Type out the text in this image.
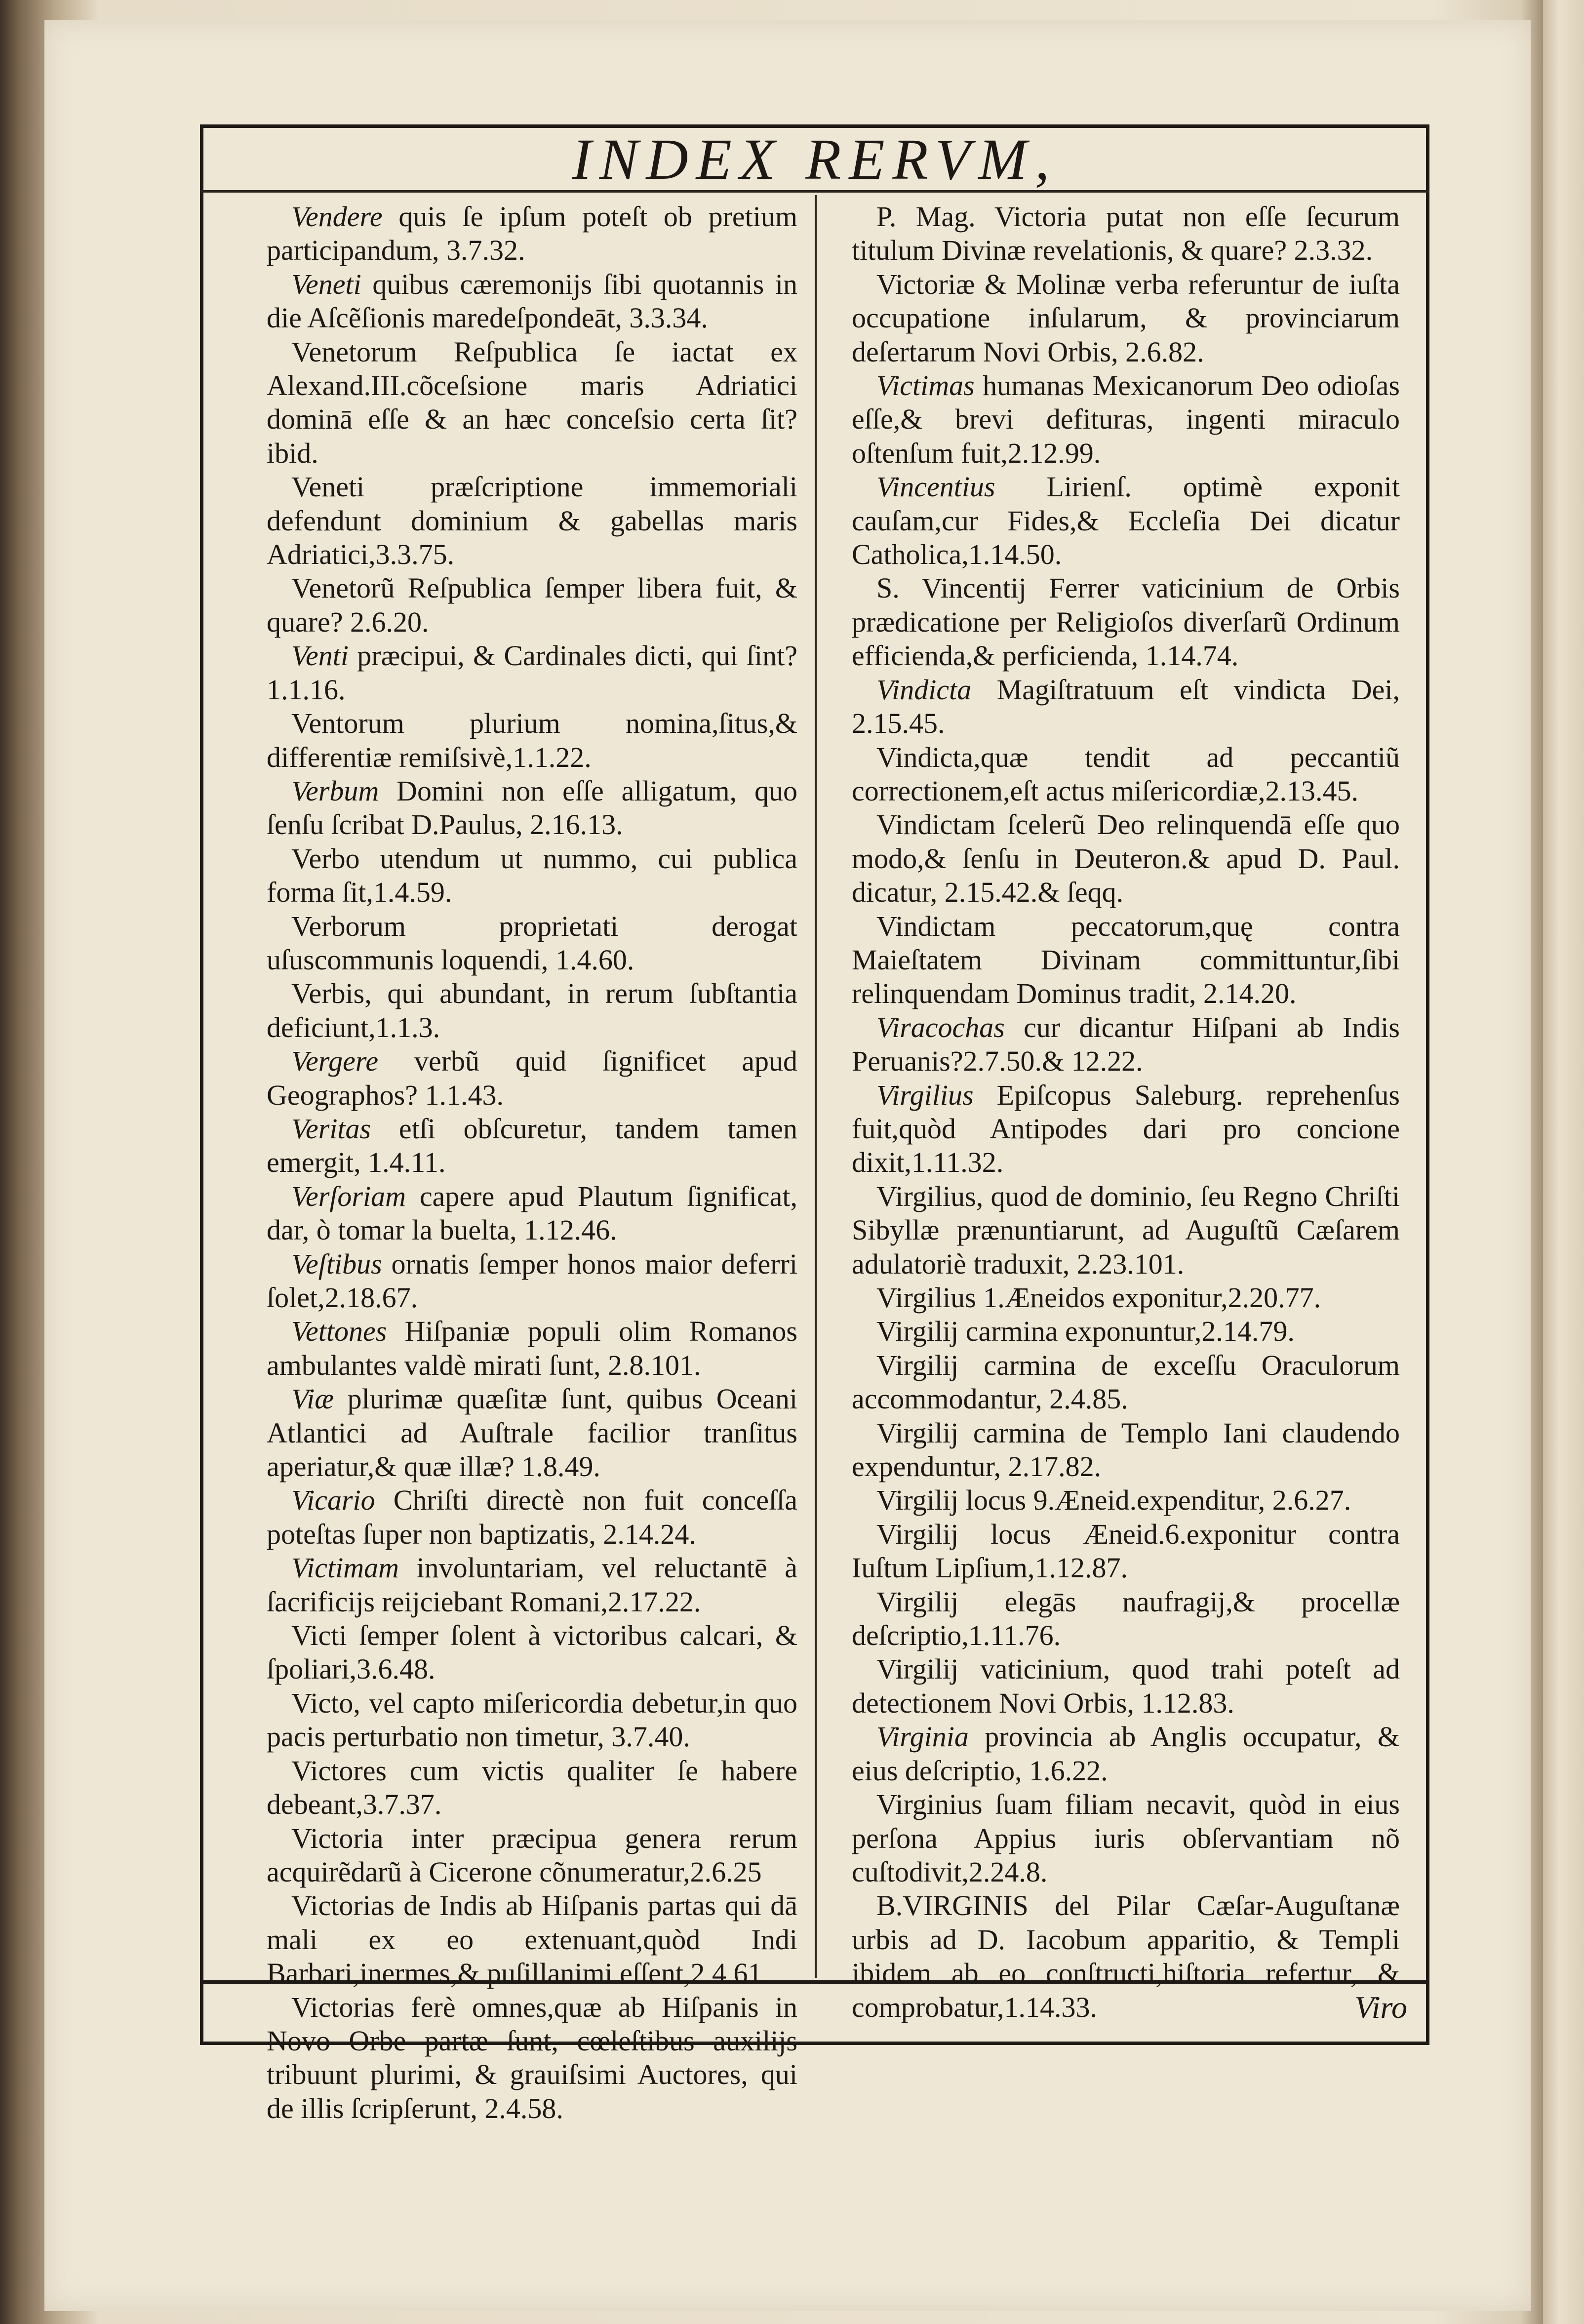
INDEX RERVM,

Vendere quis ſe ipſum poteſt ob pretium participandum, 3.7.32.

Veneti quibus cæremonijs ſibi quotannis in die Aſcẽſionis maredeſpondeāt, 3.3.34.

Venetorum Reſpublica ſe iactat ex Alexand.III.cõceſsione maris Adriatici dominā eſſe & an hæc conceſsio certa ſit? ibid.

Veneti præſcriptione immemoriali defendunt dominium & gabellas maris Adriatici,3.3.75.

Venetorũ Reſpublica ſemper libera fuit, & quare? 2.6.20.

Venti præcipui, & Cardinales dicti, qui ſint? 1.1.16.

Ventorum plurium nomina,ſitus,& differentiæ remiſsivè,1.1.22.

Verbum Domini non eſſe alligatum, quo ſenſu ſcribat D.Paulus, 2.16.13.

Verbo utendum ut nummo, cui publica forma ſit,1.4.59.

Verborum proprietati derogat uſuscommunis loquendi, 1.4.60.

Verbis, qui abundant, in rerum ſubſtantia deficiunt,1.1.3.

Vergere verbũ quid ſignificet apud Geographos? 1.1.43.

Veritas etſi obſcuretur, tandem tamen emergit, 1.4.11.

Verſoriam capere apud Plautum ſignificat, dar, ò tomar la buelta, 1.12.46.

Veſtibus ornatis ſemper honos maior deferri ſolet,2.18.67.

Vettones Hiſpaniæ populi olim Romanos ambulantes valdè mirati ſunt, 2.8.101.

Viæ plurimæ quæſitæ ſunt, quibus Oceani Atlantici ad Auſtrale facilior tranſitus aperiatur,& quæ illæ? 1.8.49.

Vicario Chriſti directè non fuit conceſſa poteſtas ſuper non baptizatis, 2.14.24.

Victimam involuntariam, vel reluctantē à ſacrificijs reijciebant Romani,2.17.22.

Victi ſemper ſolent à victoribus calcari, & ſpoliari,3.6.48.

Victo, vel capto miſericordia debetur,in quo pacis perturbatio non timetur, 3.7.40.

Victores cum victis qualiter ſe habere debeant,3.7.37.

Victoria inter præcipua genera rerum acquirẽdarũ à Cicerone cõnumeratur,2.6.25

Victorias de Indis ab Hiſpanis partas qui dā mali ex eo extenuant,quòd Indi Barbari,inermes,& puſillanimi eſſent,2.4.61.

Victorias ferè omnes,quæ ab Hiſpanis in Novo Orbe partæ ſunt, cœleſtibus auxilijs tribuunt plurimi, & grauiſsimi Auctores, qui de illis ſcripſerunt, 2.4.58.

P. Mag. Victoria putat non eſſe ſecurum titulum Divinæ revelationis, & quare? 2.3.32.

Victoriæ & Molinæ verba referuntur de iuſta occupatione inſularum, & provinciarum deſertarum Novi Orbis, 2.6.82.

Victimas humanas Mexicanorum Deo odioſas eſſe,& brevi defituras, ingenti miraculo oſtenſum fuit,2.12.99.

Vincentius Lirienſ. optimè exponit cauſam,cur Fides,& Eccleſia Dei dicatur Catholica,1.14.50.

S. Vincentij Ferrer vaticinium de Orbis prædicatione per Religioſos diverſarũ Ordinum efficienda,& perficienda, 1.14.74.

Vindicta Magiſtratuum eſt vindicta Dei, 2.15.45.

Vindicta,quæ tendit ad peccantiũ correctionem,eſt actus miſericordiæ,2.13.45.

Vindictam ſcelerũ Deo relinquendā eſſe quo modo,& ſenſu in Deuteron.& apud D. Paul. dicatur, 2.15.42.& ſeqq.

Vindictam peccatorum,quę contra Maieſtatem Divinam committuntur,ſibi relinquendam Dominus tradit, 2.14.20.

Viracochas cur dicantur Hiſpani ab Indis Peruanis?2.7.50.& 12.22.

Virgilius Epiſcopus Saleburg. reprehenſus fuit,quòd Antipodes dari pro concione dixit,1.11.32.

Virgilius, quod de dominio, ſeu Regno Chriſti Sibyllæ prænuntiarunt, ad Auguſtũ Cæſarem adulatoriè traduxit, 2.23.101.

Virgilius 1.Æneidos exponitur,2.20.77.

Virgilij carmina exponuntur,2.14.79.

Virgilij carmina de exceſſu Oraculorum accommodantur, 2.4.85.

Virgilij carmina de Templo Iani claudendo expenduntur, 2.17.82.

Virgilij locus 9.Æneid.expenditur, 2.6.27.

Virgilij locus Æneid.6.exponitur contra Iuſtum Lipſium,1.12.87.

Virgilij elegās naufragij,& procellæ deſcriptio,1.11.76.

Virgilij vaticinium, quod trahi poteſt ad detectionem Novi Orbis, 1.12.83.

Virginia provincia ab Anglis occupatur, & eius deſcriptio, 1.6.22.

Virginius ſuam filiam necavit, quòd in eius perſona Appius iuris obſervantiam nõ cuſtodivit,2.24.8.

B.VIRGINIS del Pilar Cæſar-Auguſtanæ urbis ad D. Iacobum apparitio, & Templi ibidem ab eo conſtructi,hiſtoria refertur, & comprobatur,1.14.33.	Viro
